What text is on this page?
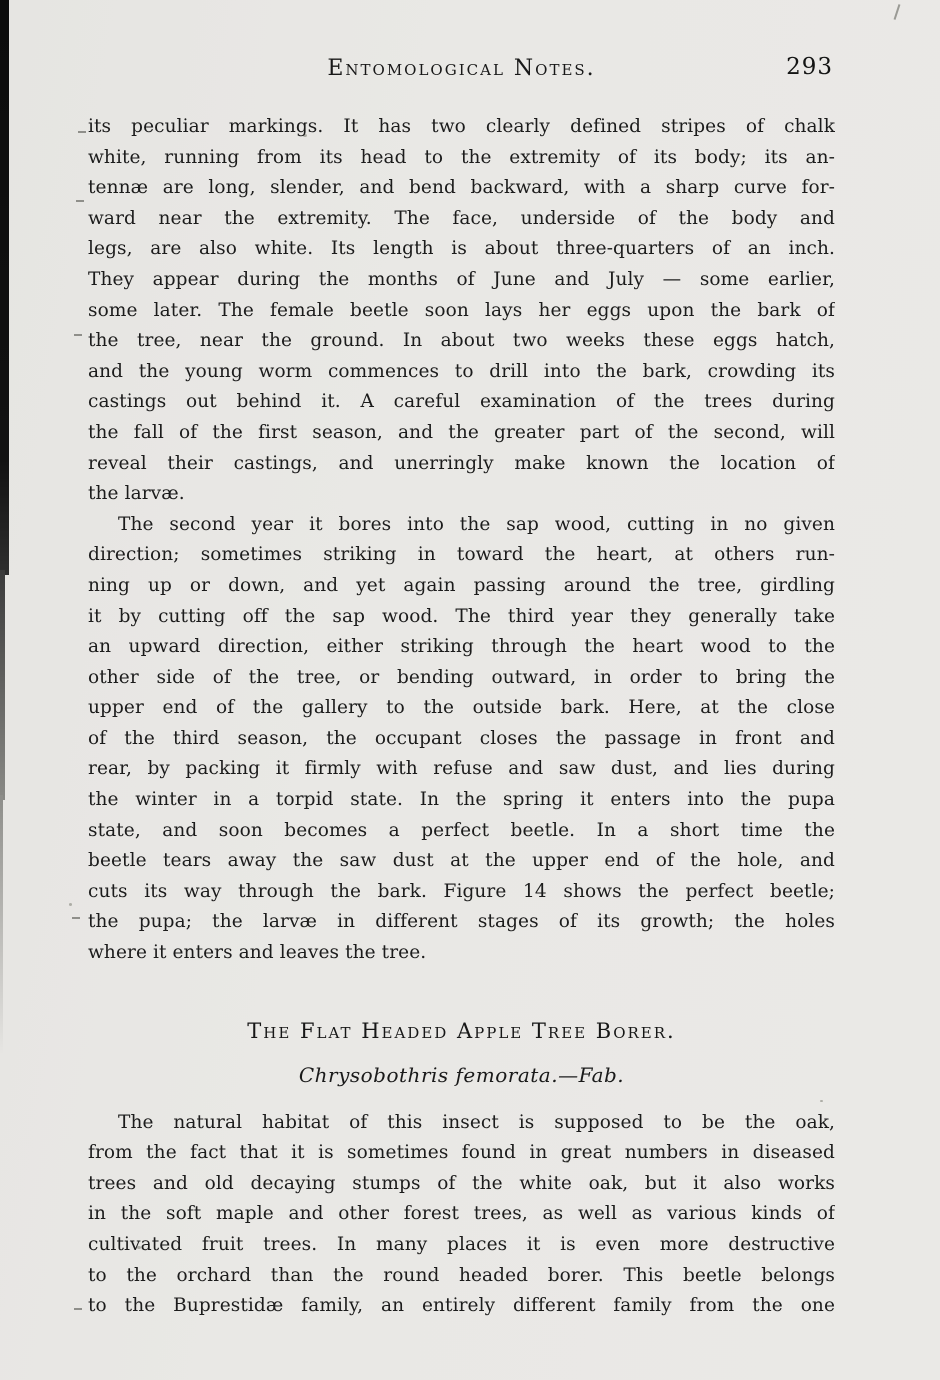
Entomological Notes.	293
its peculiar markings. It has two clearly defined stripes of chalk
white, running from its head to the extremity of its body; its an-
tennæ are long, slender, and bend backward, with a sharp curve for-
ward near the extremity. The face, underside of the body and
legs, are also white. Its length is about three-quarters of an inch.
They appear during the months of June and July — some earlier,
some later. The female beetle soon lays her eggs upon the bark of
the tree, near the ground. In about two weeks these eggs hatch,
and the young worm commences to drill into the bark, crowding its
castings out behind it. A careful examination of the trees during
the fall of the first season, and the greater part of the second, will
reveal their castings, and unerringly make known the location of
the larvæ.
The second year it bores into the sap wood, cutting in no given
direction; sometimes striking in toward the heart, at others run-
ning up or down, and yet again passing around the tree, girdling
it by cutting off the sap wood. The third year they generally take
an upward direction, either striking through the heart wood to the
other side of the tree, or bending outward, in order to bring the
upper end of the gallery to the outside bark. Here, at the close
of the third season, the occupant closes the passage in front and
rear, by packing it firmly with refuse and saw dust, and lies during
the winter in a torpid state. In the spring it enters into the pupa
state, and soon becomes a perfect beetle. In a short time the
beetle tears away the saw dust at the upper end of the hole, and
cuts its way through the bark. Figure 14 shows the perfect beetle;
the pupa; the larvæ in different stages of its growth; the holes
where it enters and leaves the tree.
The Flat Headed Apple Tree Borer.
Chrysobothris femorata.—Fab.
The natural habitat of this insect is supposed to be the oak,
from the fact that it is sometimes found in great numbers in diseased
trees and old decaying stumps of the white oak, but it also works
in the soft maple and other forest trees, as well as various kinds of
cultivated fruit trees. In many places it is even more destructive
to the orchard than the round headed borer. This beetle belongs
to the Buprestidæ family, an entirely different family from the one
